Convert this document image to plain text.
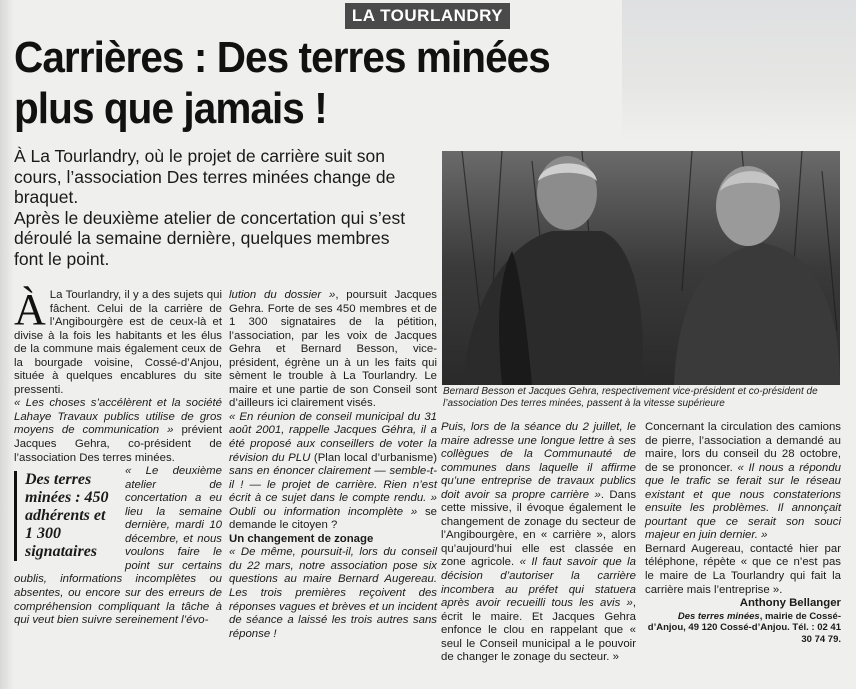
LA TOURLANDRY
Carrières : Des terres minées plus que jamais !

À La Tourlandry, où le projet de carrière suit son cours, l’association Des terres minées change de braquet.

Après le deuxième atelier de concertation qui s’est déroulé la semaine dernière, quelques membres font le point.

Bernard Besson et Jacques Gehra, respectivement vice-président et co-président de l’association Des terres minées, passent à la vitesse supérieure
À La Tourlandry, il y a des sujets qui fâchent. Celui de la carrière de l’Angibourgère est de ceux-là et divise à la fois les habitants et les élus de la commune mais également ceux de la bourgade voisine, Cossé-d’Anjou, située à quelques encablures du site pressenti.

« Les choses s’accélèrent et la société Lahaye Travaux publics utilise de gros moyens de communication » prévient Jacques Gehra, co-président de l’association Des terres minées.

Des terres minées : 450 adhérents et 1 300 signataires

« Le deuxième atelier de concertation a eu lieu la semaine dernière, mardi 10 décembre, et nous voulons faire le point sur certains oublis, informations incomplètes ou absentes, ou encore sur des erreurs de compréhension compliquant la tâche à qui veut bien suivre sereinement l’évo-

lution du dossier », poursuit Jacques Gehra. Forte de ses 450 membres et de 1 300 signataires de la pétition, l’association, par les voix de Jacques Gehra et Bernard Besson, vice-président, égrène un à un les faits qui sèment le trouble à La Tourlandry. Le maire et une partie de son Conseil sont d’ailleurs ici clairement visés.

« En réunion de conseil municipal du 31 août 2001, rappelle Jacques Géhra, il a été proposé aux conseillers de voter la révision du PLU (Plan local d’urbanisme) sans en énoncer clairement — semble-t-il ! — le projet de carrière. Rien n’est écrit à ce sujet dans le compte rendu. » Oubli ou information incomplète » se demande le citoyen ?

Un changement de zonage

« De même, poursuit-il, lors du conseil du 22 mars, notre association pose six questions au maire Bernard Augereau. Les trois premières reçoivent des réponses vagues et brèves et un incident de séance a laissé les trois autres sans réponse !

Puis, lors de la séance du 2 juillet, le maire adresse une longue lettre à ses collègues de la Communauté de communes dans laquelle il affirme qu’une entreprise de travaux publics doit avoir sa propre carrière ». Dans cette missive, il évoque également le changement de zonage du secteur de l’Angibourgère, en « carrière », alors qu’aujourd’hui elle est classée en zone agricole. « Il faut savoir que la décision d’autoriser la carrière incombera au préfet qui statuera après avoir recueilli tous les avis », écrit le maire. Et Jacques Gehra enfonce le clou en rappelant que « seul le Conseil municipal a le pouvoir de changer le zonage du secteur. »

Concernant la circulation des camions de pierre, l’association a demandé au maire, lors du conseil du 28 octobre, de se prononcer. « Il nous a répondu que le trafic se ferait sur le réseau existant et que nous constaterions ensuite les problèmes. Il annonçait pourtant que ce serait son souci majeur en juin dernier. »

Bernard Augereau, contacté hier par téléphone, répète « que ce n’est pas le maire de La Tourlandry qui fait la carrière mais l’entreprise ».

Anthony Bellanger

Des terres minées, mairie de Cossé-d’Anjou, 49 120 Cossé-d’Anjou. Tél. : 02 41 30 74 79.
